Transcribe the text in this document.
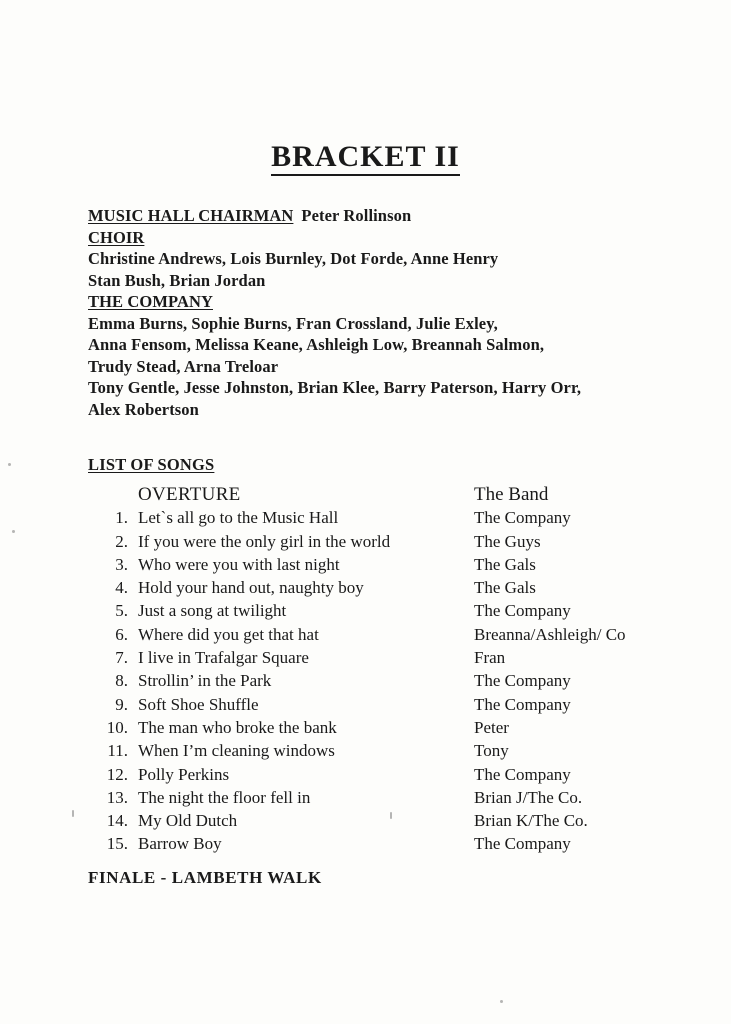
BRACKET II
MUSIC HALL CHAIRMAN Peter Rollinson
CHOIR
Christine Andrews, Lois Burnley, Dot Forde, Anne Henry
Stan Bush, Brian Jordan
THE COMPANY
Emma Burns, Sophie Burns, Fran Crossland, Julie Exley,
Anna Fensom, Melissa Keane, Ashleigh Low, Breannah Salmon,
Trudy Stead, Arna Treloar
Tony Gentle, Jesse Johnston, Brian Klee, Barry Paterson, Harry Orr,
Alex Robertson
LIST OF SONGS
OVERTURE	The Band
1. Let`s all go to the Music Hall	The Company
2. If you were the only girl in the world	The Guys
3. Who were you with last night	The Gals
4. Hold your hand out, naughty boy	The Gals
5. Just a song at twilight	The Company
6. Where did you get that hat	Breanna/Ashleigh/ Co
7. I live in Trafalgar Square	Fran
8. Strollin’ in the Park	The Company
9. Soft Shoe Shuffle	The Company
10. The man who broke the bank	Peter
11. When I’m cleaning windows	Tony
12. Polly Perkins	The Company
13. The night the floor fell in	Brian J/The Co.
14. My Old Dutch	Brian K/The Co.
15. Barrow Boy	The Company
FINALE - LAMBETH WALK
